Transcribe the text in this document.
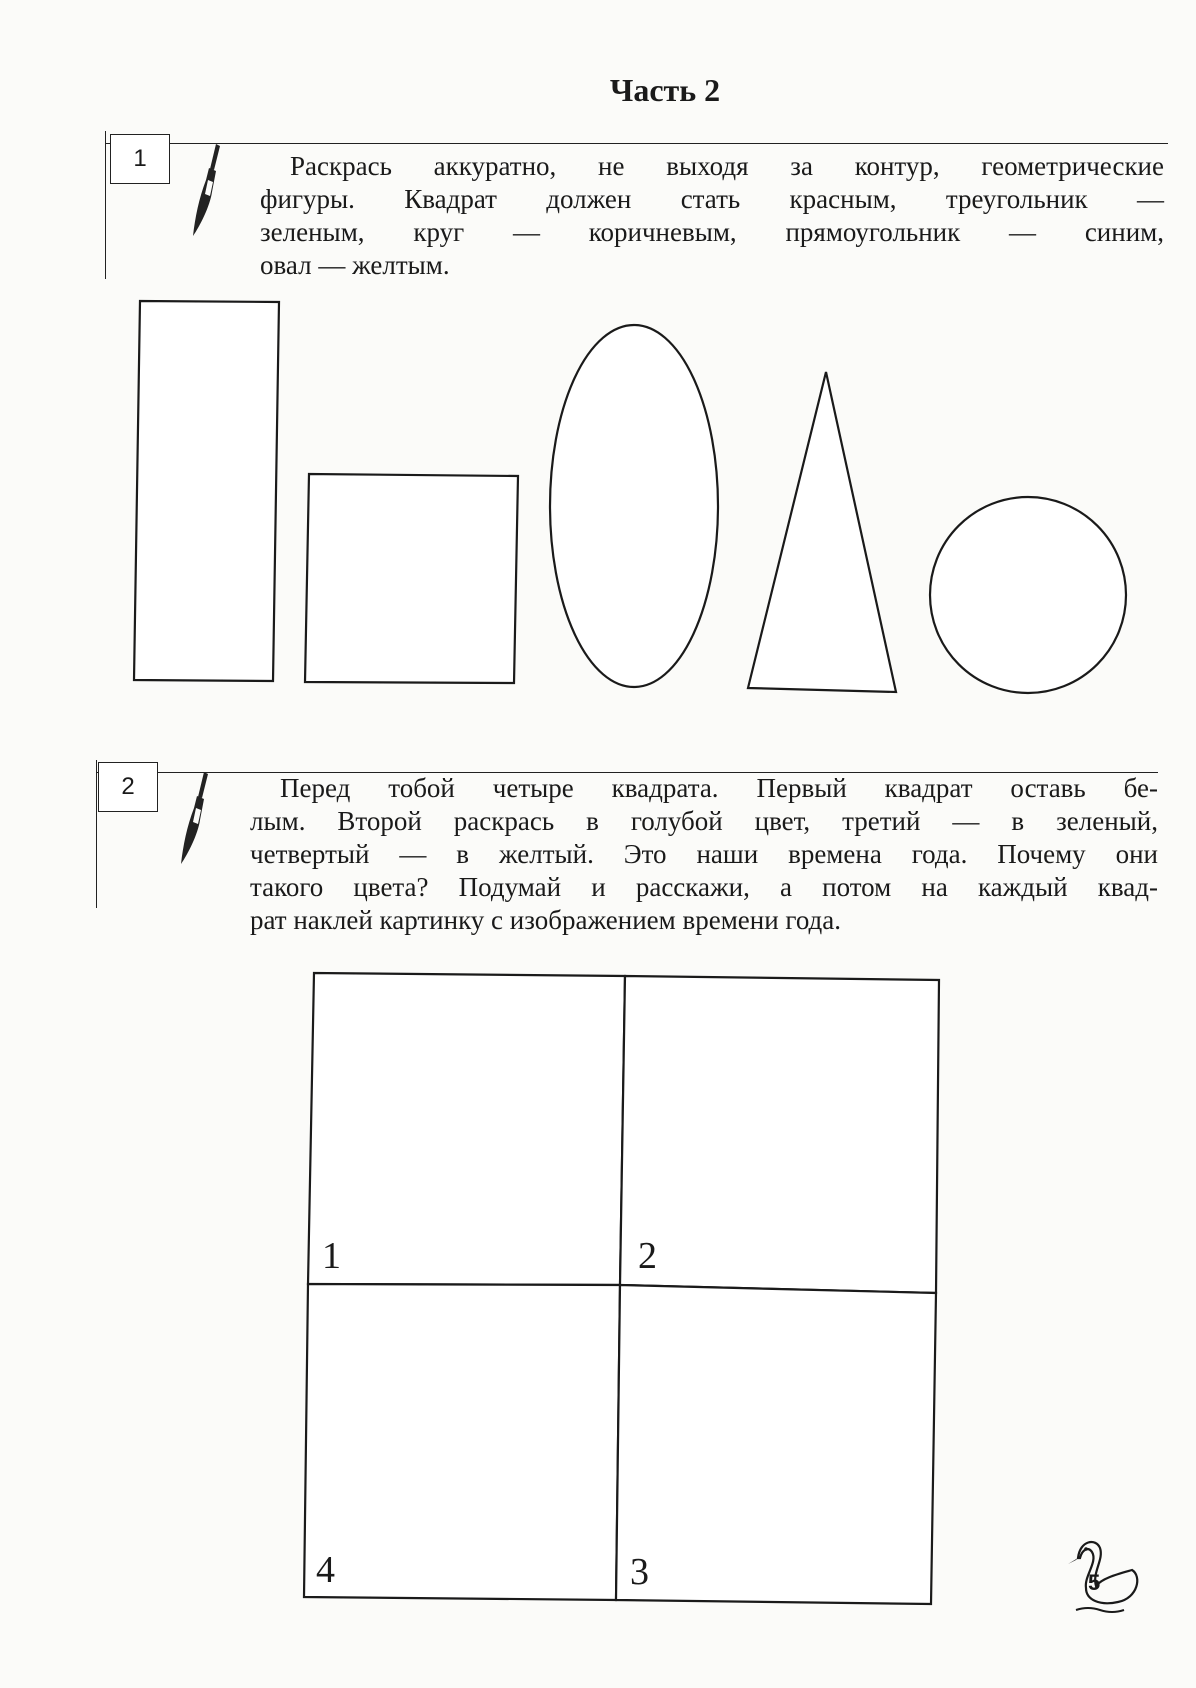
Часть 2
1	Раскрась аккуратно, не выходя за контур, геометрические
фигуры. Квадрат должен стать красным, треугольник —
зеленым, круг — коричневым, прямоугольник — синим,
овал — желтым.
2	Перед тобой четыре квадрата. Первый квадрат оставь бе-
лым. Второй раскрась в голубой цвет, третий — в зеленый,
четвертый — в желтый. Это наши времена года. Почему они
такого цвета? Подумай и расскажи, а потом на каждый квад-
рат наклей картинку с изображением времени года.
1	2
4	3	5
